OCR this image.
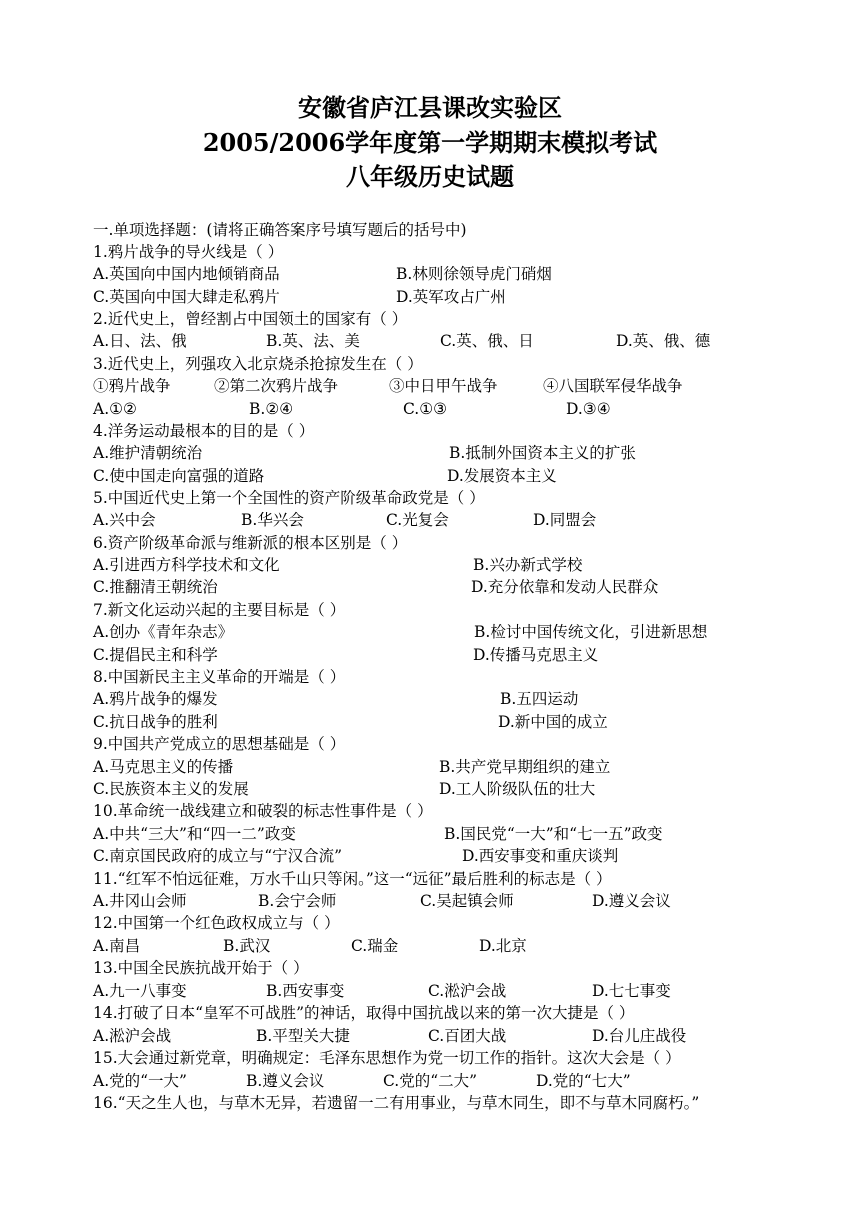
安徽省庐江县课改实验区
2005/2006学年度第一学期期末模拟考试
八年级历史试题
一.单项选择题：(请将正确答案序号填写题后的括号中)
1.鸦片战争的导火线是（ ）
A.英国向中国内地倾销商品	B.林则徐领导虎门硝烟
C.英国向中国大肆走私鸦片	D.英军攻占广州
2.近代史上，曾经割占中国领土的国家有（ ）
A.日、法、俄	B.英、法、美	C.英、俄、日	D.英、俄、德
3.近代史上，列强攻入北京烧杀抢掠发生在（ ）
①鸦片战争	②第二次鸦片战争	③中日甲午战争	④八国联军侵华战争
A.①②	B.②④	C.①③	D.③④
4.洋务运动最根本的目的是（ ）
A.维护清朝统治	B.抵制外国资本主义的扩张
C.使中国走向富强的道路	D.发展资本主义
5.中国近代史上第一个全国性的资产阶级革命政党是（ ）
A.兴中会	B.华兴会	C.光复会	D.同盟会
6.资产阶级革命派与维新派的根本区别是（ ）
A.引进西方科学技术和文化	B.兴办新式学校
C.推翻清王朝统治	D.充分依靠和发动人民群众
7.新文化运动兴起的主要目标是（ ）
A.创办《青年杂志》	B.检讨中国传统文化，引进新思想
C.提倡民主和科学	D.传播马克思主义
8.中国新民主主义革命的开端是（ ）
A.鸦片战争的爆发	B.五四运动
C.抗日战争的胜利	D.新中国的成立
9.中国共产党成立的思想基础是（ ）
A.马克思主义的传播	B.共产党早期组织的建立
C.民族资本主义的发展	D.工人阶级队伍的壮大
10.革命统一战线建立和破裂的标志性事件是（ ）
A.中共“三大”和“四一二”政变	B.国民党“一大”和“七一五”政变
C.南京国民政府的成立与“宁汉合流”	D.西安事变和重庆谈判
11.“红军不怕远征难，万水千山只等闲。”这一“远征”最后胜利的标志是（ ）
A.井冈山会师	B.会宁会师	C.吴起镇会师	D.遵义会议
12.中国第一个红色政权成立与（ ）
A.南昌	B.武汉	C.瑞金	D.北京
13.中国全民族抗战开始于（ ）
A.九一八事变	B.西安事变	C.淞沪会战	D.七七事变
14.打破了日本“皇军不可战胜”的神话，取得中国抗战以来的第一次大捷是（ ）
A.淞沪会战	B.平型关大捷	C.百团大战	D.台儿庄战役
15.大会通过新党章，明确规定：毛泽东思想作为党一切工作的指针。这次大会是（ ）
A.党的“一大”	B.遵义会议	C.党的“二大”	D.党的“七大”
16.“天之生人也，与草木无异，若遗留一二有用事业，与草木同生，即不与草木同腐朽。”
